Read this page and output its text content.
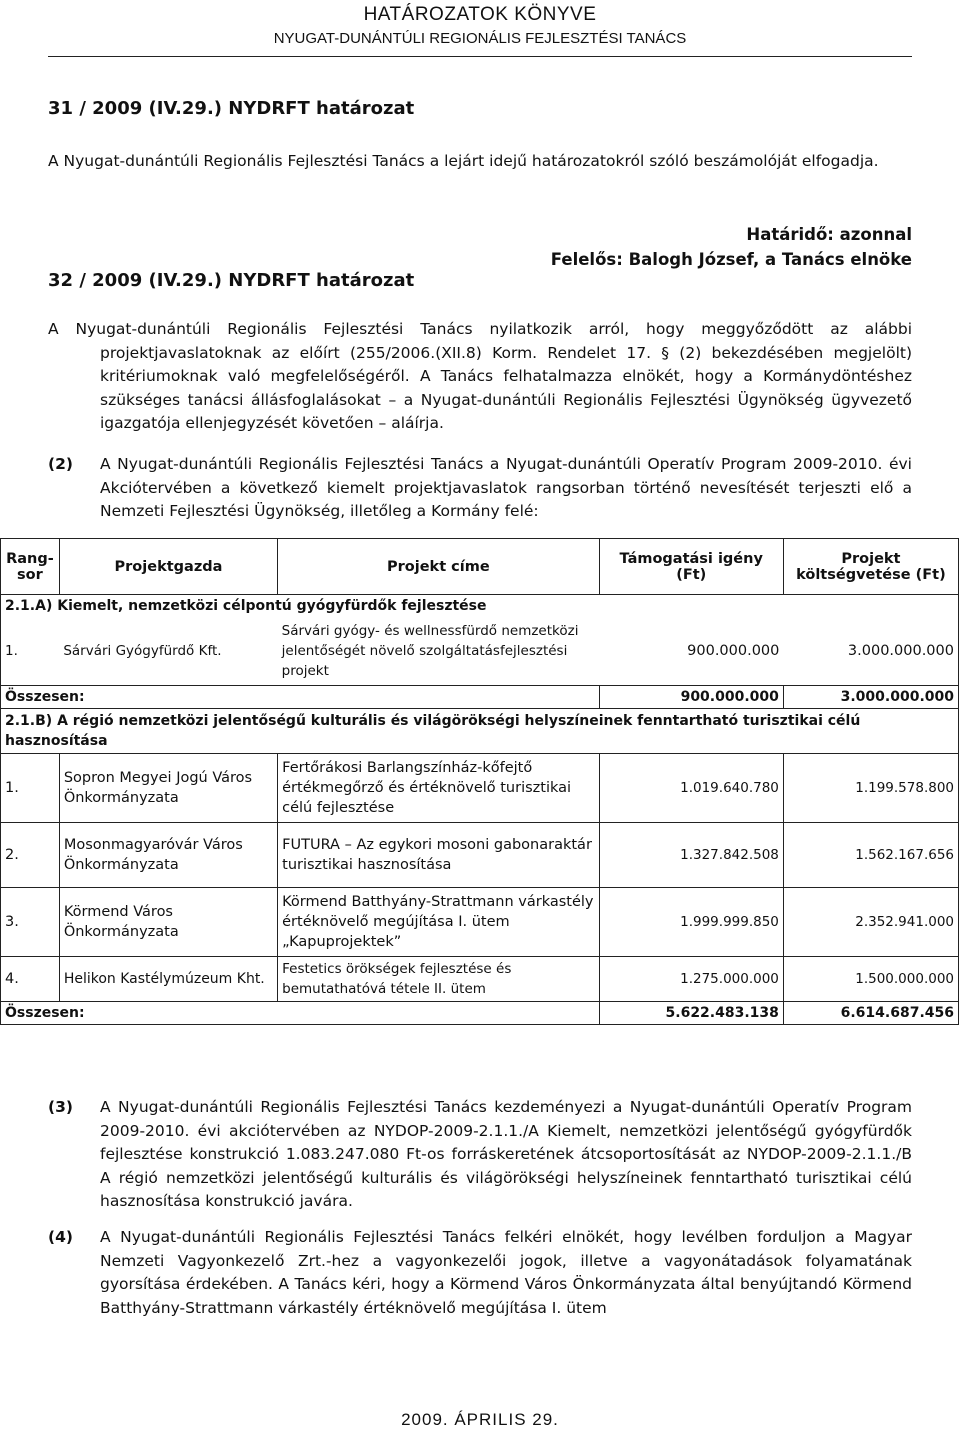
HATÁROZATOK KÖNYVE
NYUGAT-DUNÁNTÚLI REGIONÁLIS FEJLESZTÉSI TANÁCS
31 / 2009 (IV.29.) NYDRFT határozat
A Nyugat-dunántúli Regionális Fejlesztési Tanács a lejárt idejű határozatokról szóló beszámolóját elfogadja.
Határidő: azonnal
Felelős: Balogh József, a Tanács elnöke
32 / 2009 (IV.29.) NYDRFT határozat
A Nyugat-dunántúli Regionális Fejlesztési Tanács nyilatkozik arról, hogy meggyőződött az alábbi projektjavaslatoknak az előírt (255/2006.(XII.8) Korm. Rendelet 17. § (2) bekezdésében megjelölt) kritériumoknak való megfelelőségéről. A Tanács felhatalmazza elnökét, hogy a Kormánydöntéshez szükséges tanácsi állásfoglalásokat – a Nyugat-dunántúli Regionális Fejlesztési Ügynökség ügyvezető igazgatója ellenjegyzését követően – aláírja.
(2) A Nyugat-dunántúli Regionális Fejlesztési Tanács a Nyugat-dunántúli Operatív Program 2009-2010. évi Akciótervében a következő kiemelt projektjavaslatok rangsorban történő nevesítését terjeszti elő a Nemzeti Fejlesztési Ügynökség, illetőleg a Kormány felé:
Rang-sor	Projektgazda	Projekt címe	Támogatási igény (Ft)	Projekt költségvetése (Ft)
2.1.A) Kiemelt, nemzetközi célpontú gyógyfürdők fejlesztése				
1.	Sárvári Gyógyfürdő Kft.	Sárvári gyógy- és wellnessfürdő nemzetközi jelentőségét növelő szolgáltatásfejlesztési projekt	900.000.000	3.000.000.000
Összesen:			900.000.000	3.000.000.000
2.1.B) A régió nemzetközi jelentőségű kulturális és világörökségi helyszíneinek fenntartható turisztikai célú hasznosítása				
1.	Sopron Megyei Jogú Város Önkormányzata	Fertőrákosi Barlangszínház-kőfejtő értékmegőrző és értéknövelő turisztikai célú fejlesztése	1.019.640.780	1.199.578.800
2.	Mosonmagyaróvár Város Önkormányzata	FUTURA – Az egykori mosoni gabonaraktár turisztikai hasznosítása	1.327.842.508	1.562.167.656
3.	Körmend Város Önkormányzata	Körmend Batthyány-Strattmann várkastély értéknövelő megújítása I. ütem „Kapuprojektek”	1.999.999.850	2.352.941.000
4.	Helikon Kastélymúzeum Kht.	Festetics örökségek fejlesztése és bemutathatóvá tétele II. ütem	1.275.000.000	1.500.000.000
Összesen:			5.622.483.138	6.614.687.456
(3) A Nyugat-dunántúli Regionális Fejlesztési Tanács kezdeményezi a Nyugat-dunántúli Operatív Program 2009-2010. évi akciótervében az NYDOP-2009-2.1.1./A Kiemelt, nemzetközi jelentőségű gyógyfürdők fejlesztése konstrukció 1.083.247.080 Ft-os forráskeretének átcsoportosítását az NYDOP-2009-2.1.1./B A régió nemzetközi jelentőségű kulturális és világörökségi helyszíneinek fenntartható turisztikai célú hasznosítása konstrukció javára.
(4) A Nyugat-dunántúli Regionális Fejlesztési Tanács felkéri elnökét, hogy levélben forduljon a Magyar Nemzeti Vagyonkezelő Zrt.-hez a vagyonkezelői jogok, illetve a vagyonátadások folyamatának gyorsítása érdekében. A Tanács kéri, hogy a Körmend Város Önkormányzata által benyújtandó Körmend Batthyány-Strattmann várkastély értéknövelő megújítása I. ütem
2009. ÁPRILIS 29.
